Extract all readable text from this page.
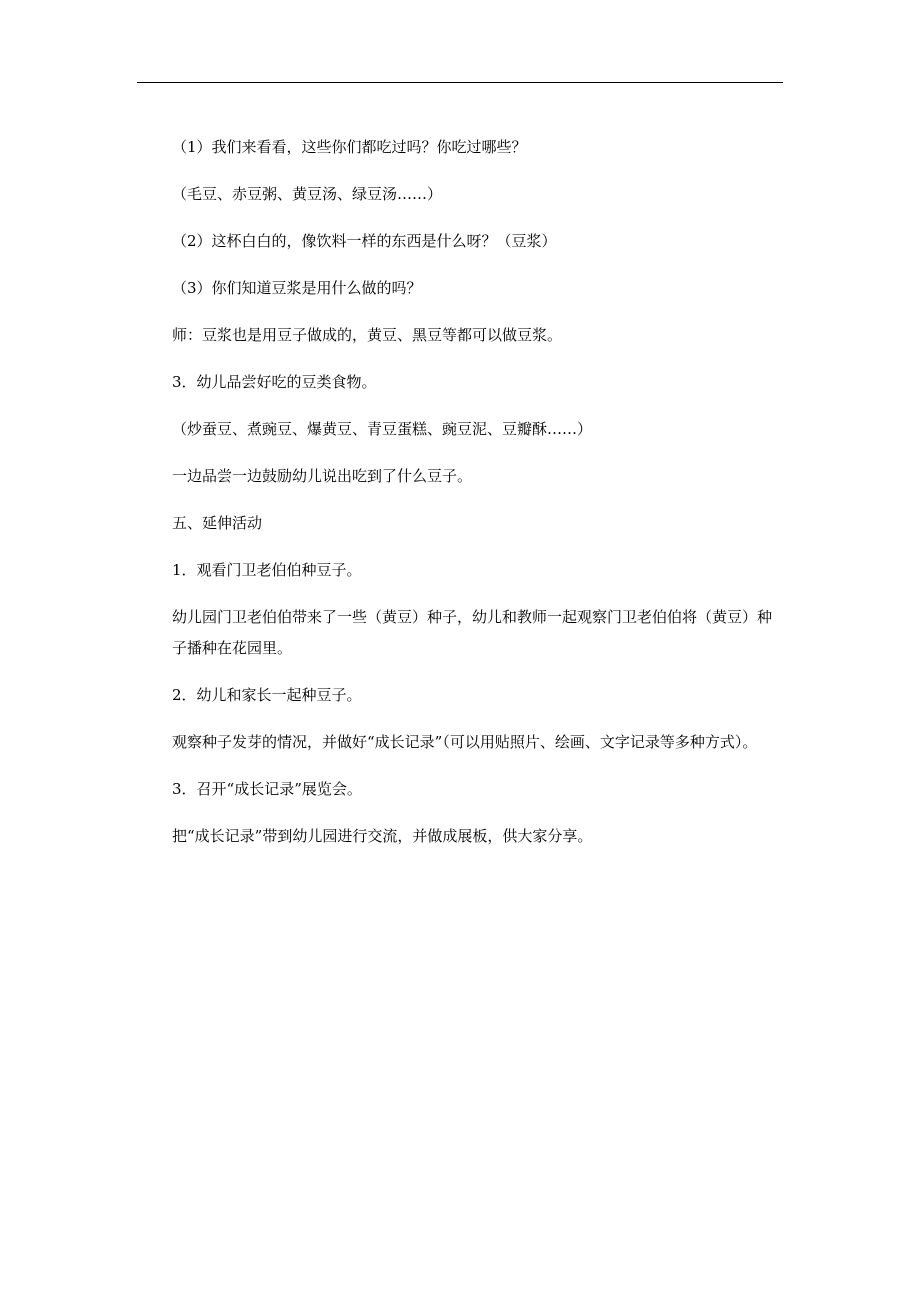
（1）我们来看看，这些你们都吃过吗？你吃过哪些？

（毛豆、赤豆粥、黄豆汤、绿豆汤……）

（2）这杯白白的，像饮料一样的东西是什么呀？（豆浆）

（3）你们知道豆浆是用什么做的吗？

师：豆浆也是用豆子做成的，黄豆、黑豆等都可以做豆浆。

3．幼儿品尝好吃的豆类食物。

（炒蚕豆、煮豌豆、爆黄豆、青豆蛋糕、豌豆泥、豆瓣酥……）

一边品尝一边鼓励幼儿说出吃到了什么豆子。

五、延伸活动

1．观看门卫老伯伯种豆子。

幼儿园门卫老伯伯带来了一些（黄豆）种子，幼儿和教师一起观察门卫老伯伯将（黄豆）种子播种在花园里。

2．幼儿和家长一起种豆子。

观察种子发芽的情况，并做好“成长记录”（可以用贴照片、绘画、文字记录等多种方式）。

3．召开“成长记录”展览会。

把“成长记录”带到幼儿园进行交流，并做成展板，供大家分享。
